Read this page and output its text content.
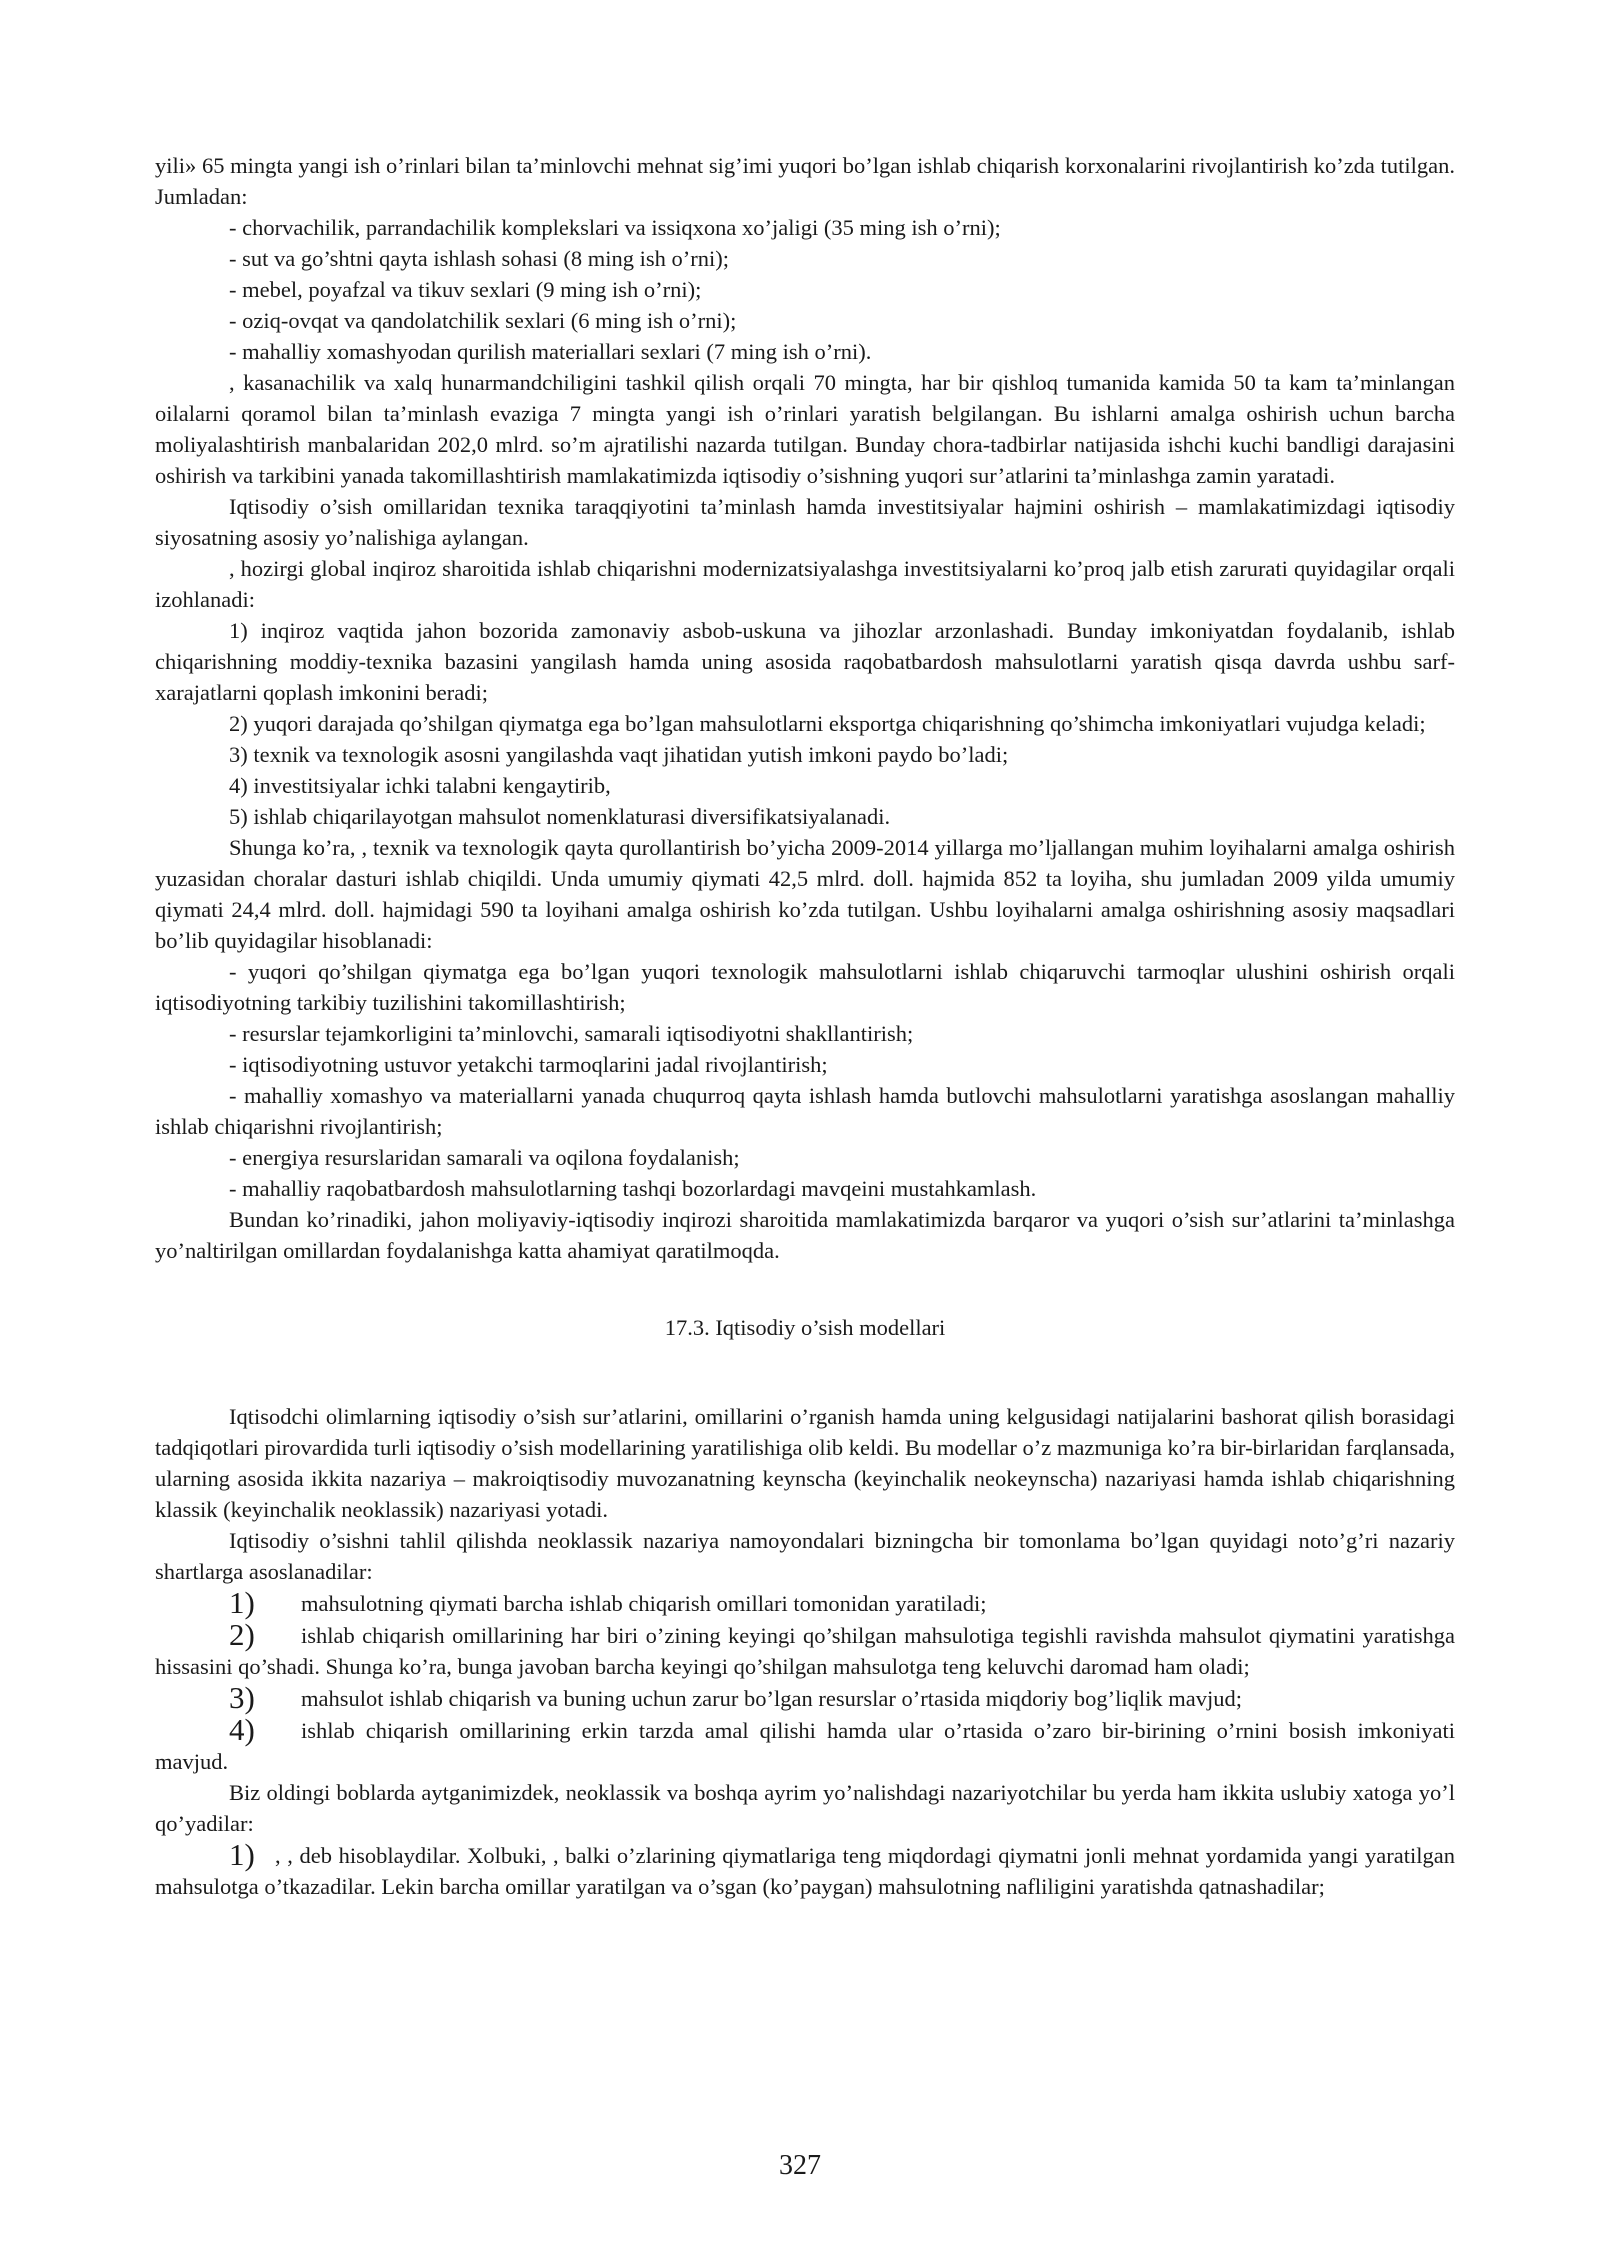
yili» 65 mingta yangi ish o’rinlari bilan ta’minlovchi mehnat sig’imi yuqori bo’lgan ishlab chiqarish korxonalarini rivojlantirish ko’zda tutilgan. Jumladan:

- chorvachilik, parrandachilik komplekslari va issiqxona xo’jaligi (35 ming ish o’rni);

- sut va go’shtni qayta ishlash sohasi (8 ming ish o’rni);

- mebel, poyafzal va tikuv sexlari (9 ming ish o’rni);

- oziq-ovqat va qandolatchilik sexlari (6 ming ish o’rni);

- mahalliy xomashyodan qurilish materiallari sexlari (7 ming ish o’rni).

, kasanachilik va xalq hunarmandchiligini tashkil qilish orqali 70 mingta, har bir qishloq tumanida kamida 50 ta kam ta’minlangan oilalarni qoramol bilan ta’minlash evaziga 7 mingta yangi ish o’rinlari yaratish belgilangan. Bu ishlarni amalga oshirish uchun barcha moliyalashtirish manbalaridan 202,0 mlrd. so’m ajratilishi nazarda tutilgan. Bunday chora-tadbirlar natijasida ishchi kuchi bandligi darajasini oshirish va tarkibini yanada takomillashtirish mamlakatimizda iqtisodiy o’sishning yuqori sur’atlarini ta’minlashga zamin yaratadi.

Iqtisodiy o’sish omillaridan texnika taraqqiyotini ta’minlash hamda investitsiyalar hajmini oshirish – mamlakatimizdagi iqtisodiy siyosatning asosiy yo’nalishiga aylangan.

, hozirgi global inqiroz sharoitida ishlab chiqarishni modernizatsiyalashga investitsiyalarni ko’proq jalb etish zarurati quyidagilar orqali izohlanadi:

1) inqiroz vaqtida jahon bozorida zamonaviy asbob-uskuna va jihozlar arzonlashadi. Bunday imkoniyatdan foydalanib, ishlab chiqarishning moddiy-texnika bazasini yangilash hamda uning asosida raqobatbardosh mahsulotlarni yaratish qisqa davrda ushbu sarf-xarajatlarni qoplash imkonini beradi;

2) yuqori darajada qo’shilgan qiymatga ega bo’lgan mahsulotlarni eksportga chiqarishning qo’shimcha imkoniyatlari vujudga keladi;

3) texnik va texnologik asosni yangilashda vaqt jihatidan yutish imkoni paydo bo’ladi;

4) investitsiyalar ichki talabni kengaytirib,

5) ishlab chiqarilayotgan mahsulot nomenklaturasi diversifikatsiyalanadi.

Shunga ko’ra, , texnik va texnologik qayta qurollantirish bo’yicha 2009-2014 yillarga mo’ljallangan muhim loyihalarni amalga oshirish yuzasidan choralar dasturi ishlab chiqildi. Unda umumiy qiymati 42,5 mlrd. doll. hajmida 852 ta loyiha, shu jumladan 2009 yilda umumiy qiymati 24,4 mlrd. doll. hajmidagi 590 ta loyihani amalga oshirish ko’zda tutilgan. Ushbu loyihalarni amalga oshirishning asosiy maqsadlari bo’lib quyidagilar hisoblanadi:

- yuqori qo’shilgan qiymatga ega bo’lgan yuqori texnologik mahsulotlarni ishlab chiqaruvchi tarmoqlar ulushini oshirish orqali iqtisodiyotning tarkibiy tuzilishini takomillashtirish;

- resurslar tejamkorligini ta’minlovchi, samarali iqtisodiyotni shakllantirish;

- iqtisodiyotning ustuvor yetakchi tarmoqlarini jadal rivojlantirish;

- mahalliy xomashyo va materiallarni yanada chuqurroq qayta ishlash hamda butlovchi mahsulotlarni yaratishga asoslangan mahalliy ishlab chiqarishni rivojlantirish;

- energiya resurslaridan samarali va oqilona foydalanish;

- mahalliy raqobatbardosh mahsulotlarning tashqi bozorlardagi mavqeini mustahkamlash.

Bundan ko’rinadiki, jahon moliyaviy-iqtisodiy inqirozi sharoitida mamlakatimizda barqaror va yuqori o’sish sur’atlarini ta’minlashga yo’naltirilgan omillardan foydalanishga katta ahamiyat qaratilmoqda.

17.3. Iqtisodiy o’sish modellari

Iqtisodchi olimlarning iqtisodiy o’sish sur’atlarini, omillarini o’rganish hamda uning kelgusidagi natijalarini bashorat qilish borasidagi tadqiqotlari pirovardida turli iqtisodiy o’sish modellarining yaratilishiga olib keldi. Bu modellar o’z mazmuniga ko’ra bir-birlaridan farqlansada, ularning asosida ikkita nazariya – makroiqtisodiy muvozanatning keynscha (keyinchalik neokeynscha) nazariyasi hamda ishlab chiqarishning klassik (keyinchalik neoklassik) nazariyasi yotadi.

Iqtisodiy o’sishni tahlil qilishda neoklassik nazariya namoyondalari bizningcha bir tomonlama bo’lgan quyidagi noto’g’ri nazariy shartlarga asoslanadilar:

1) mahsulotning qiymati barcha ishlab chiqarish omillari tomonidan yaratiladi;

2) ishlab chiqarish omillarining har biri o’zining keyingi qo’shilgan mahsulotiga tegishli ravishda mahsulot qiymatini yaratishga hissasini qo’shadi. Shunga ko’ra, bunga javoban barcha keyingi qo’shilgan mahsulotga teng keluvchi daromad ham oladi;

3) mahsulot ishlab chiqarish va buning uchun zarur bo’lgan resurslar o’rtasida miqdoriy bog’liqlik mavjud;

4) ishlab chiqarish omillarining erkin tarzda amal qilishi hamda ular o’rtasida o’zaro bir-birining o’rnini bosish imkoniyati mavjud.

Biz oldingi boblarda aytganimizdek, neoklassik va boshqa ayrim yo’nalishdagi nazariyotchilar bu yerda ham ikkita uslubiy xatoga yo’l qo’yadilar:

1) , , deb hisoblaydilar. Xolbuki, , balki o’zlarining qiymatlariga teng miqdordagi qiymatni jonli mehnat yordamida yangi yaratilgan mahsulotga o’tkazadilar. Lekin barcha omillar yaratilgan va o’sgan (ko’paygan) mahsulotning nafliligini yaratishda qatnashadilar;

327
